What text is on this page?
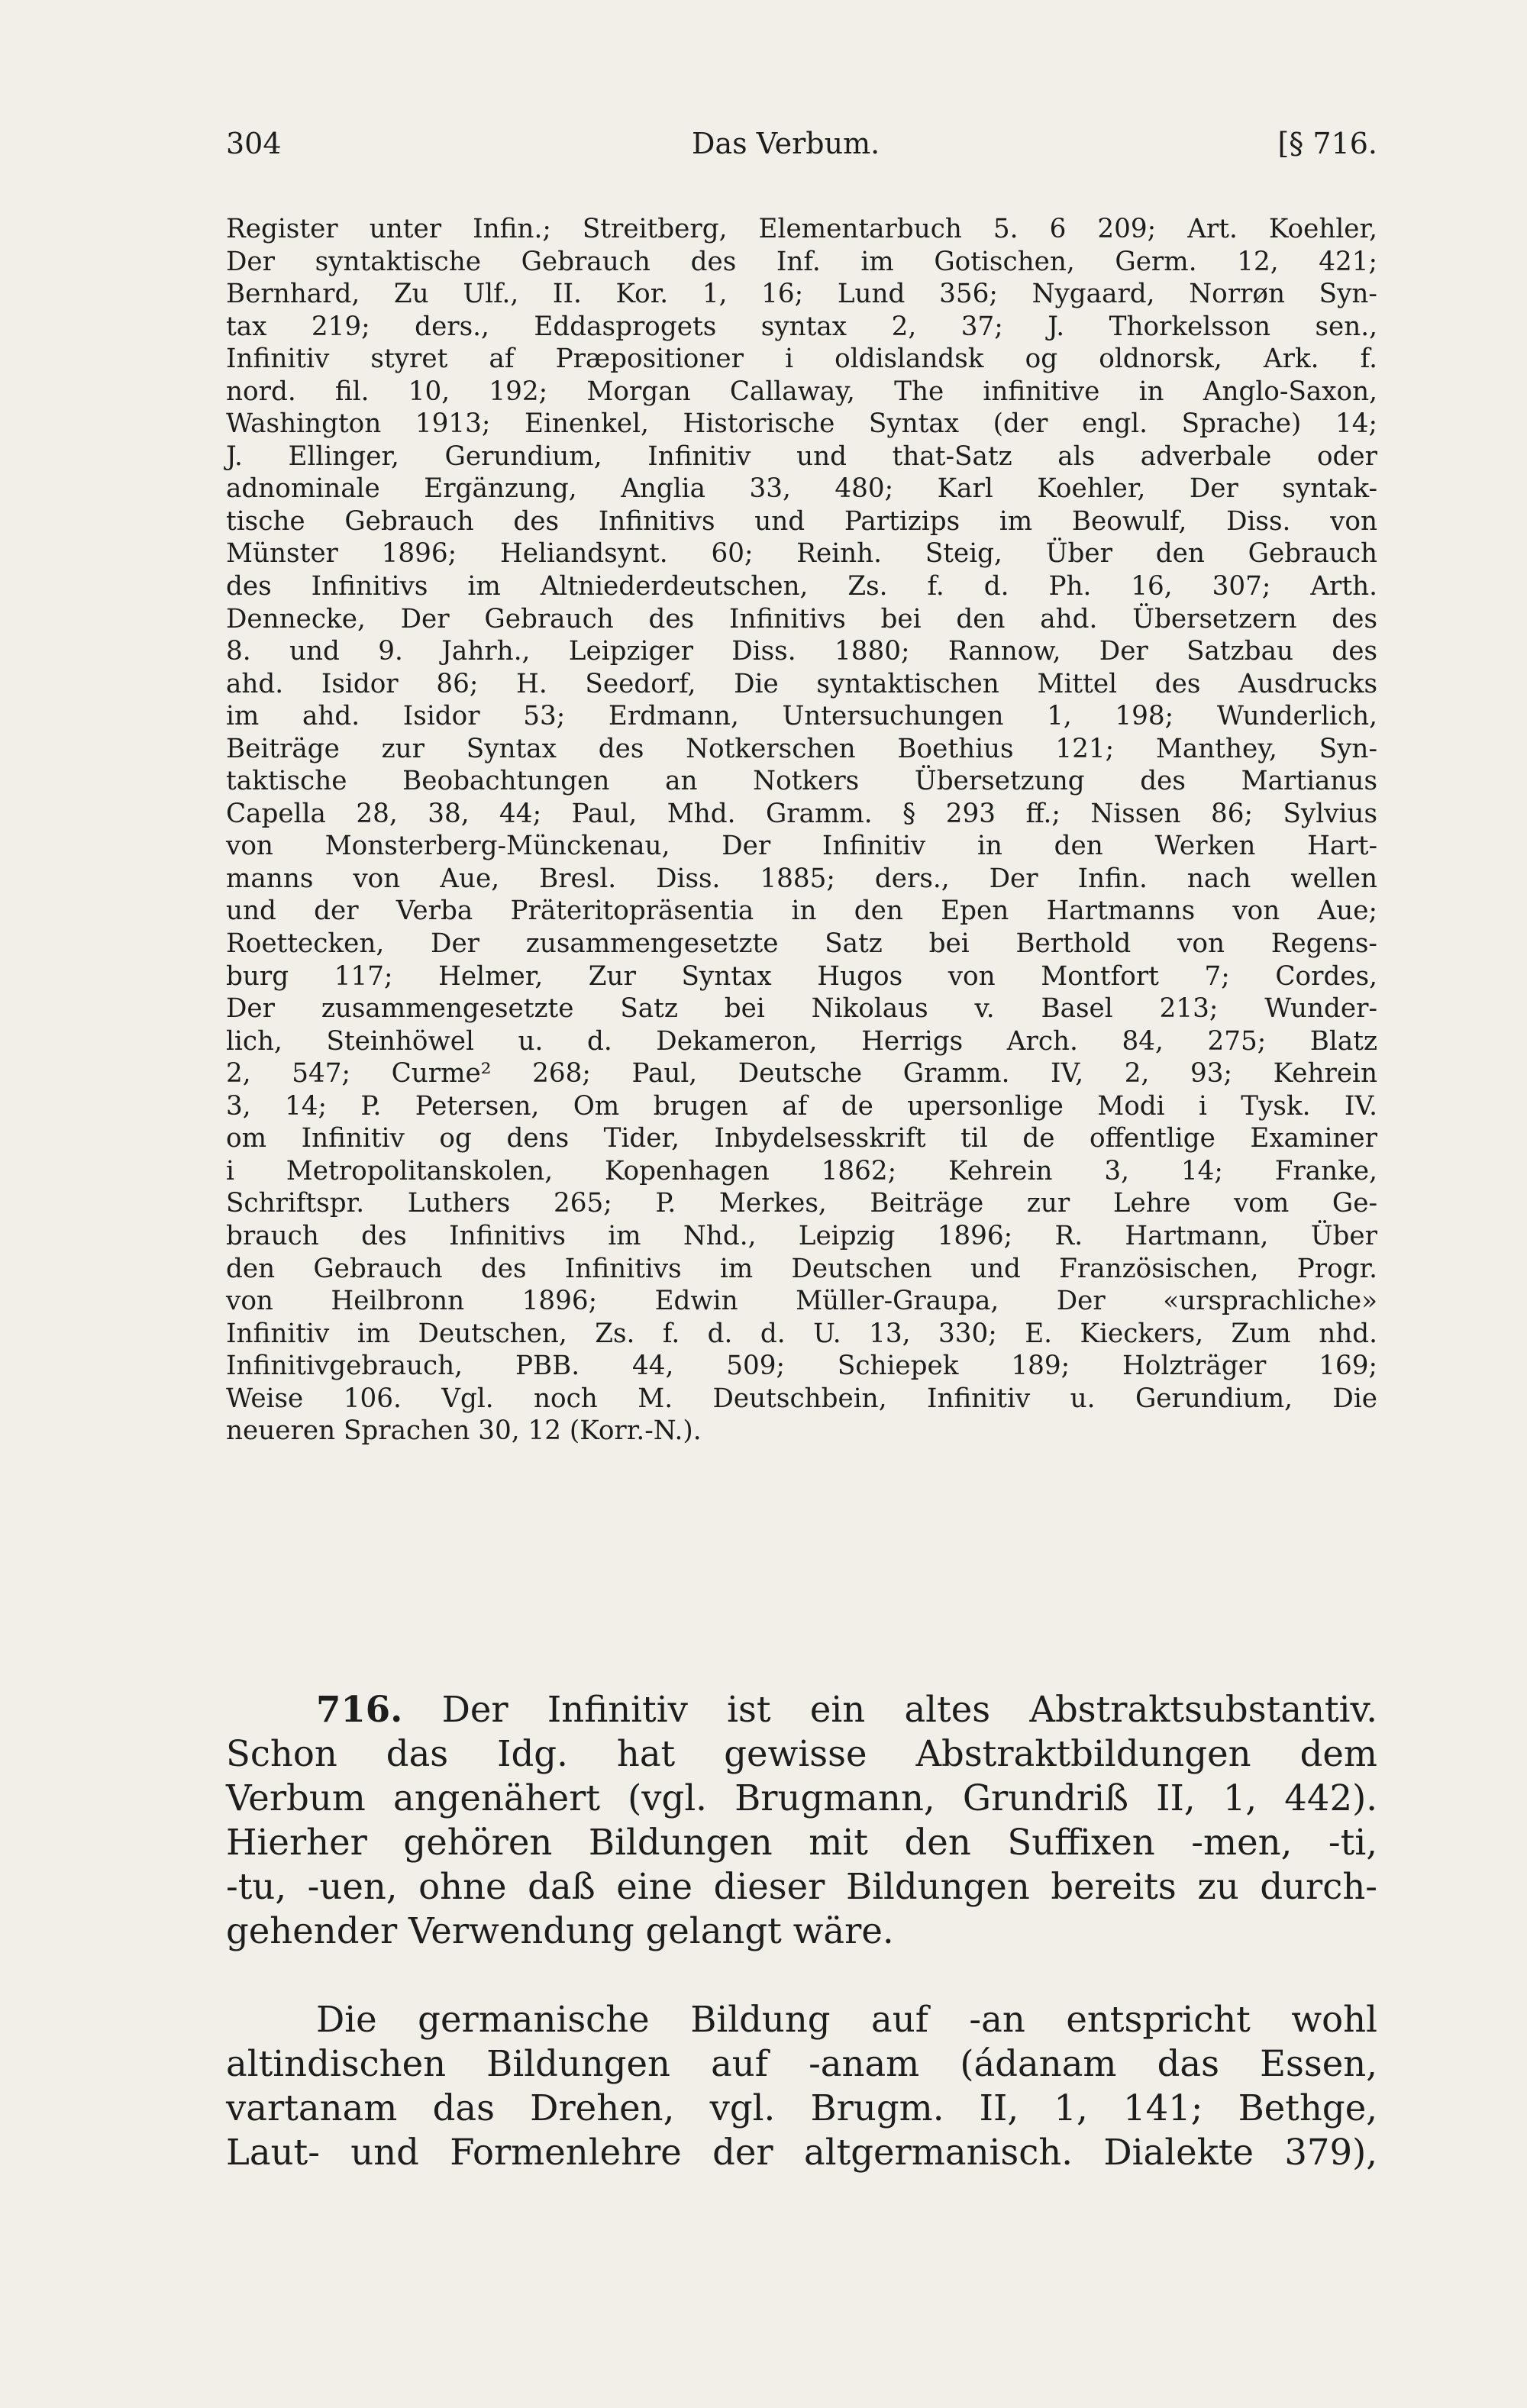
304	Das Verbum.	[§ 716.
Register unter Infin.; Streitberg, Elementarbuch 5. 6 209; Art. Koehler,
Der syntaktische Gebrauch des Inf. im Gotischen, Germ. 12, 421;
Bernhard, Zu Ulf., II. Kor. 1, 16; Lund 356; Nygaard, Norrøn Syn-
tax 219; ders., Eddasprogets syntax 2, 37; J. Thorkelsson sen.,
Infinitiv styret af Præpositioner i oldislandsk og oldnorsk, Ark. f.
nord. fil. 10, 192; Morgan Callaway, The infinitive in Anglo-Saxon,
Washington 1913; Einenkel, Historische Syntax (der engl. Sprache) 14;
J. Ellinger, Gerundium, Infinitiv und that-Satz als adverbale oder
adnominale Ergänzung, Anglia 33, 480; Karl Koehler, Der syntak-
tische Gebrauch des Infinitivs und Partizips im Beowulf, Diss. von
Münster 1896; Heliandsynt. 60; Reinh. Steig, Über den Gebrauch
des Infinitivs im Altniederdeutschen, Zs. f. d. Ph. 16, 307; Arth.
Dennecke, Der Gebrauch des Infinitivs bei den ahd. Übersetzern des
8. und 9. Jahrh., Leipziger Diss. 1880; Rannow, Der Satzbau des
ahd. Isidor 86; H. Seedorf, Die syntaktischen Mittel des Ausdrucks
im ahd. Isidor 53; Erdmann, Untersuchungen 1, 198; Wunderlich,
Beiträge zur Syntax des Notkerschen Boethius 121; Manthey, Syn-
taktische Beobachtungen an Notkers Übersetzung des Martianus
Capella 28, 38, 44; Paul, Mhd. Gramm. § 293 ff.; Nissen 86; Sylvius
von Monsterberg-Münckenau, Der Infinitiv in den Werken Hart-
manns von Aue, Bresl. Diss. 1885; ders., Der Infin. nach wellen
und der Verba Präteritopräsentia in den Epen Hartmanns von Aue;
Roettecken, Der zusammengesetzte Satz bei Berthold von Regens-
burg 117; Helmer, Zur Syntax Hugos von Montfort 7; Cordes,
Der zusammengesetzte Satz bei Nikolaus v. Basel 213; Wunder-
lich, Steinhöwel u. d. Dekameron, Herrigs Arch. 84, 275; Blatz
2, 547; Curme² 268; Paul, Deutsche Gramm. IV, 2, 93; Kehrein
3, 14; P. Petersen, Om brugen af de upersonlige Modi i Tysk. IV.
om Infinitiv og dens Tider, Inbydelsesskrift til de offentlige Examiner
i Metropolitanskolen, Kopenhagen 1862; Kehrein 3, 14; Franke,
Schriftspr. Luthers 265; P. Merkes, Beiträge zur Lehre vom Ge-
brauch des Infinitivs im Nhd., Leipzig 1896; R. Hartmann, Über
den Gebrauch des Infinitivs im Deutschen und Französischen, Progr.
von Heilbronn 1896; Edwin Müller-Graupa, Der «ursprachliche»
Infinitiv im Deutschen, Zs. f. d. d. U. 13, 330; E. Kieckers, Zum nhd.
Infinitivgebrauch, PBB. 44, 509; Schiepek 189; Holzträger 169;
Weise 106. Vgl. noch M. Deutschbein, Infinitiv u. Gerundium, Die
neueren Sprachen 30, 12 (Korr.-N.).
716. Der Infinitiv ist ein altes Abstraktsubstantiv.
Schon das Idg. hat gewisse Abstraktbildungen dem
Verbum angenähert (vgl. Brugmann, Grundriß II, 1, 442).
Hierher gehören Bildungen mit den Suffixen -men, -ti,
-tu, -uen, ohne daß eine dieser Bildungen bereits zu durch-
gehender Verwendung gelangt wäre.
Die germanische Bildung auf -an entspricht wohl
altindischen Bildungen auf -anam (ádanam das Essen,
vartanam das Drehen, vgl. Brugm. II, 1, 141; Bethge,
Laut- und Formenlehre der altgermanisch. Dialekte 379),
